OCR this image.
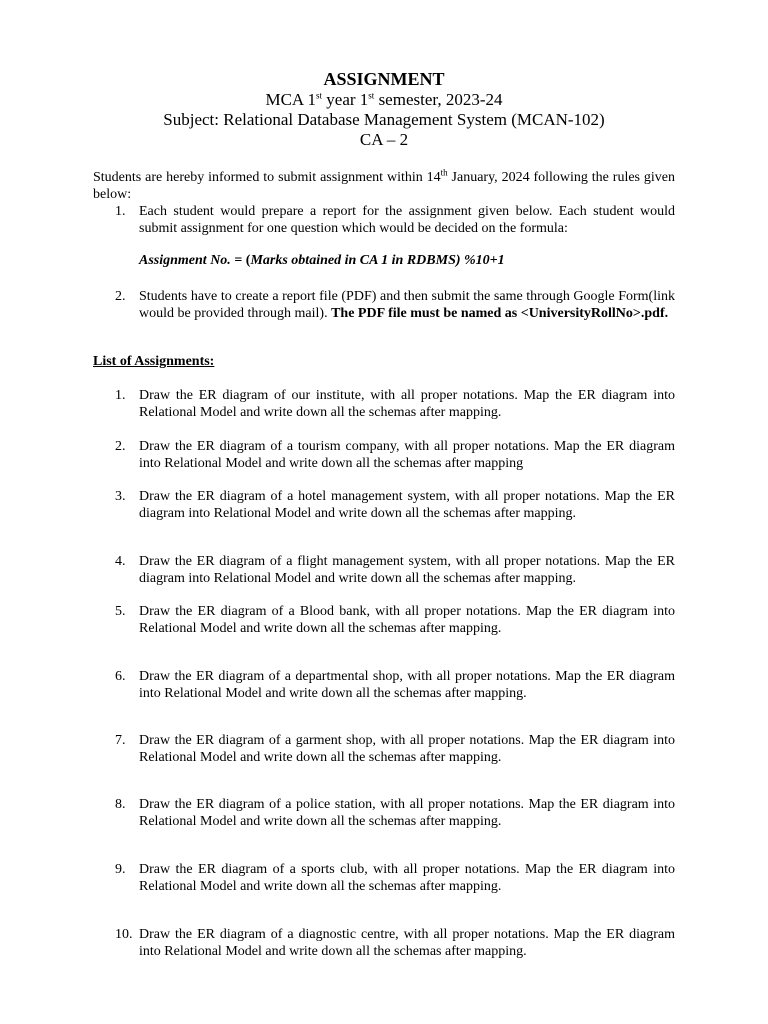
ASSIGNMENT
MCA 1st year 1st semester, 2023-24
Subject: Relational Database Management System (MCAN-102)
CA – 2
Students are hereby informed to submit assignment within 14th January, 2024 following the rules given below:
1. Each student would prepare a report for the assignment given below. Each student would submit assignment for one question which would be decided on the formula:
Assignment No. = (Marks obtained in CA 1 in RDBMS) %10+1
2. Students have to create a report file (PDF) and then submit the same through Google Form(link would be provided through mail). The PDF file must be named as <UniversityRollNo>.pdf.
List of Assignments:
1. Draw the ER diagram of our institute, with all proper notations. Map the ER diagram into Relational Model and write down all the schemas after mapping.
2. Draw the ER diagram of a tourism company, with all proper notations. Map the ER diagram into Relational Model and write down all the schemas after mapping
3. Draw the ER diagram of a hotel management system, with all proper notations. Map the ER diagram into Relational Model and write down all the schemas after mapping.
4. Draw the ER diagram of a flight management system, with all proper notations. Map the ER diagram into Relational Model and write down all the schemas after mapping.
5. Draw the ER diagram of a Blood bank, with all proper notations. Map the ER diagram into Relational Model and write down all the schemas after mapping.
6. Draw the ER diagram of a departmental shop, with all proper notations. Map the ER diagram into Relational Model and write down all the schemas after mapping.
7. Draw the ER diagram of a garment shop, with all proper notations. Map the ER diagram into Relational Model and write down all the schemas after mapping.
8. Draw the ER diagram of a police station, with all proper notations. Map the ER diagram into Relational Model and write down all the schemas after mapping.
9. Draw the ER diagram of a sports club, with all proper notations. Map the ER diagram into Relational Model and write down all the schemas after mapping.
10. Draw the ER diagram of a diagnostic centre, with all proper notations. Map the ER diagram into Relational Model and write down all the schemas after mapping.
